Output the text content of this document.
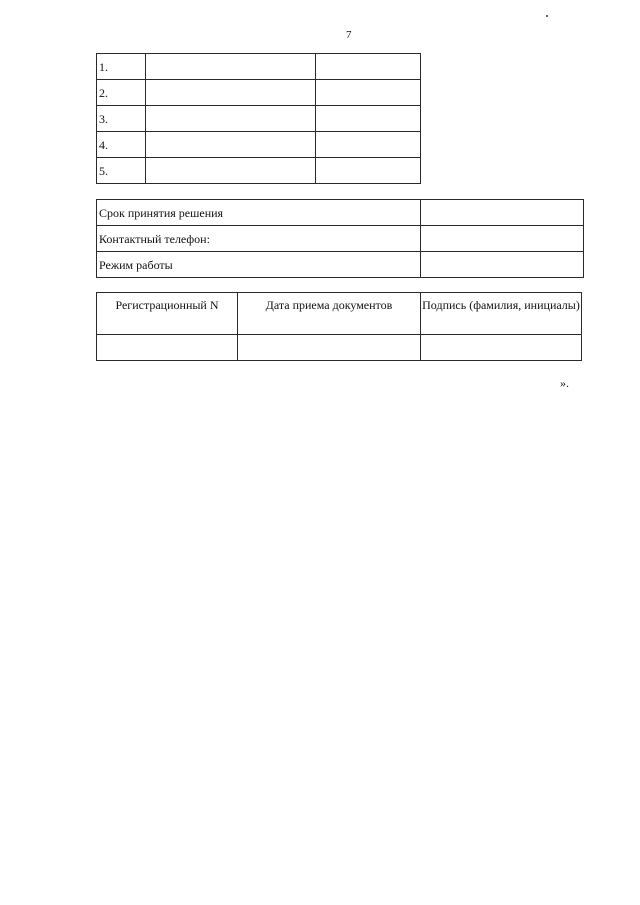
7
1.		
2.		
3.		
4.		
5.		
Срок принятия решения	
Контактный телефон:	
Режим работы	
Регистрационный N	Дата приема документов	Подпись (фамилия, инициалы)

».
